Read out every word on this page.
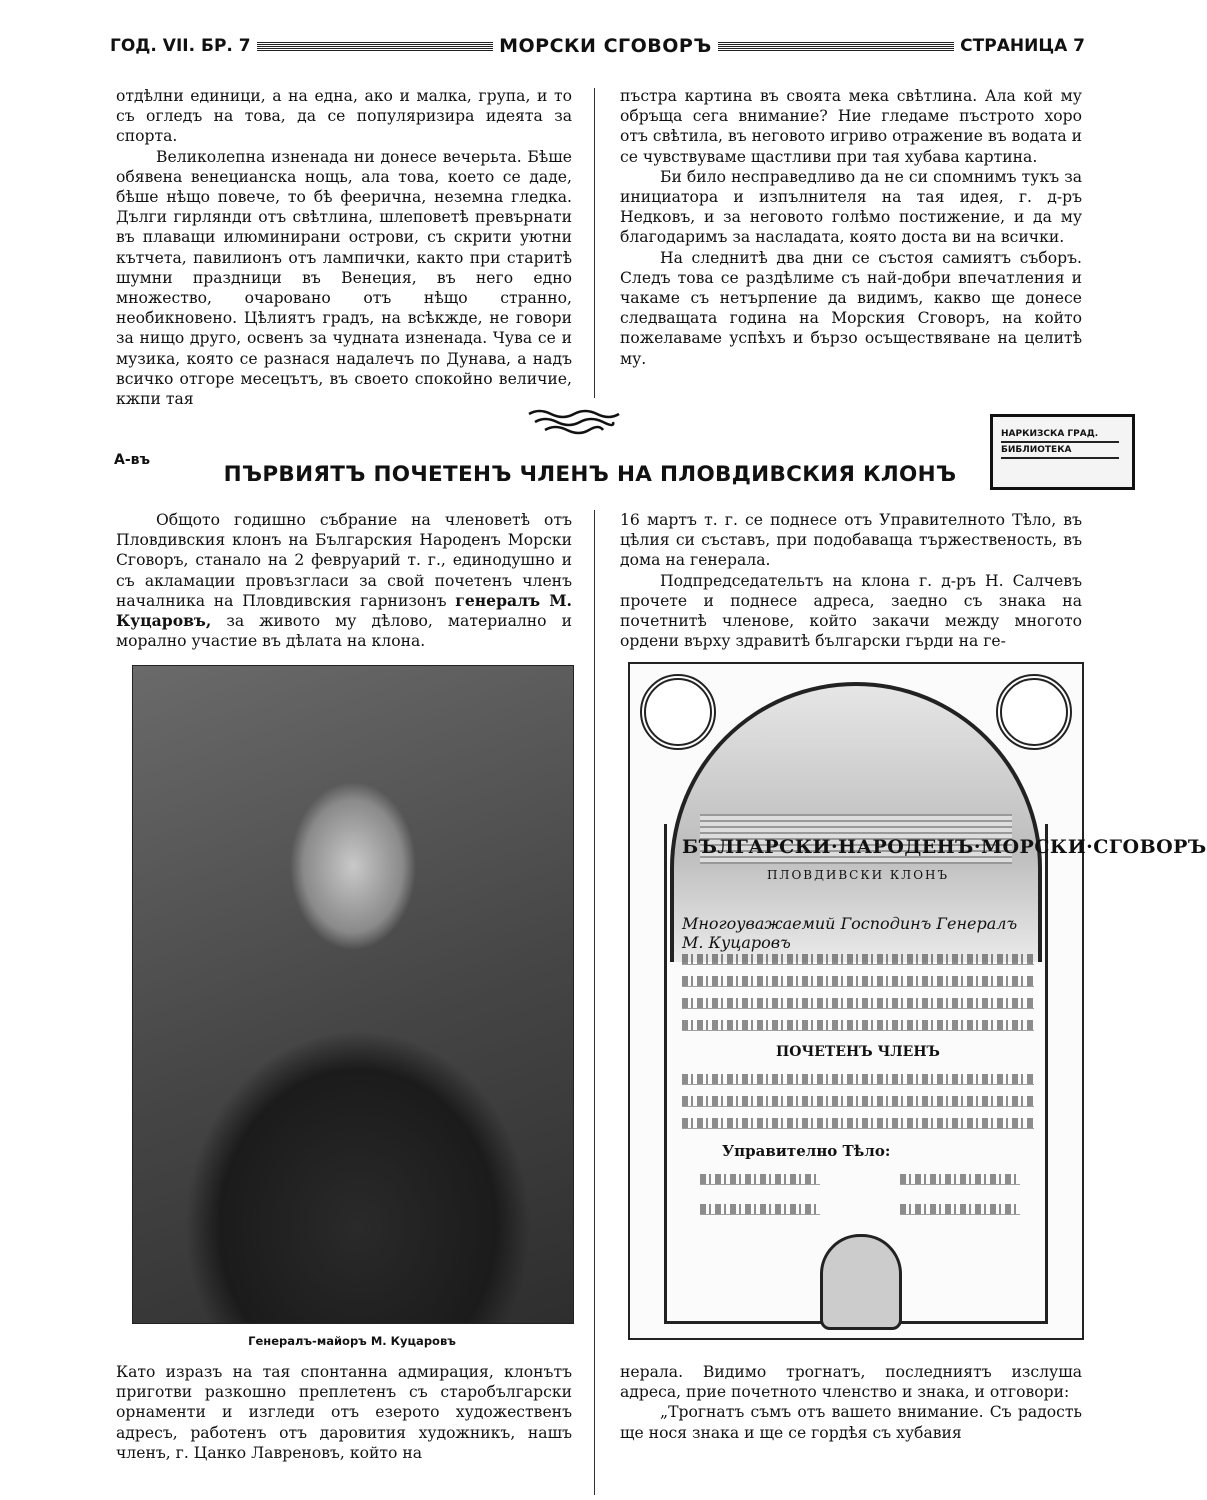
ГОД. VII. БР. 7	МОРСКИ СГОВОРЪ	СТРАНИЦА 7

отдѣлни единици, а на една, ако и малка, група, и то съ огледъ на това, да се популяризира идеята за спорта.

Великолепна изненада ни донесе вечерьта. Бѣше обявена венецианска нощь, ала това, което се даде, бѣше нѣщо повече, то бѣ феерична, неземна гледка. Дълги гирлянди отъ свѣтлина, шлеповетѣ превърнати въ плаващи илюминирани острови, съ скрити уютни кътчета, павилионъ отъ лампички, както при старитѣ шумни праздници въ Венеция, въ него едно множество, очаровано отъ нѣщо странно, необикновено. Цѣлиятъ градъ, на всѣкжде, не говори за нищо друго, освенъ за чудната изненада. Чува се и музика, която се разнася надалечъ по Дунава, а надъ всичко отгоре месецътъ, въ своето спокойно величие, кжпи тая

пъстра картина въ своята мека свѣтлина. Ала кой му обръща сега внимание? Ние гледаме пъстрото хоро отъ свѣтила, въ неговото игриво отражение въ водата и се чувствуваме щастливи при тая хубава картина.

Би било несправедливо да не си спомнимъ тукъ за инициатора и изпълнителя на тая идея, г. д-ръ Недковъ, и за неговото голѣмо постижение, и да му благодаримъ за наслaдата, която доста ви на всички.

На следнитѣ два дни се състоя самиятъ съборъ. Следъ това се раздѣлиме съ най-добри впечатления и чакаме съ нетърпение да видимъ, какво ще донесе следващата година на Морския Сговоръ, на който пожелаваме успѣхъ и бързо осъществяване на целитѣ му.

НАРКИЗСКА ГРАД.
БИБЛИОТЕКА
А-въ
ПЪРВИЯТЪ ПОЧЕТЕНЪ ЧЛЕНЪ НА ПЛОВДИВСКИЯ КЛОНЪ

Общото годишно събрание на членоветѣ отъ Пловдивския клонъ на Българския Народенъ Морски Сговоръ, станало на 2 февруарий т. г., единодушно и съ акламации провъзгласи за свой почетенъ членъ началника на Пловдивския гарнизонъ генералъ М. Куцаровъ, за живото му дѣлово, материално и моралнo участие въ дѣлата на клона.

Генералъ-майоръ М. Куцаровъ

Като изразъ на тая спонтанна адмирация, клонътъ приготви разкошно преплетенъ съ старобългарски орнаменти и изгледи отъ езерото художественъ адресъ, работенъ отъ даровития художникъ, нашъ членъ, г. Цанко Лавреновъ, който на

16 мартъ т. г. се поднесе отъ Управителното Тѣло, въ цѣлия си съставъ, при подобаваща тържественость, въ дома на генерала.

Подпредседательтъ на клона г. д-ръ Н. Салчевъ прочете и поднесе адреса, заедно съ знака на почетнитѣ членове, който закачи между многото ордени върху здравитѣ български гърди на ге-

БЪЛГАРСКИ·НАРОДЕНЪ·МОРСКИ·СГОВОРЪ
ПЛОВДИВСКИ КЛОНЪ
Многоуважаемий Господинъ Генералъ М. Куцаровъ
ПОЧЕТЕНЪ ЧЛЕНЪ
Управително Тѣло:

нерала. Видимо трогнатъ, последниятъ изслуша адреса, прие почетното членство и знака, и отговори:

„Трогнатъ съмъ отъ вашето внимание. Съ радость ще нося знака и ще се гордѣя съ хубавия
